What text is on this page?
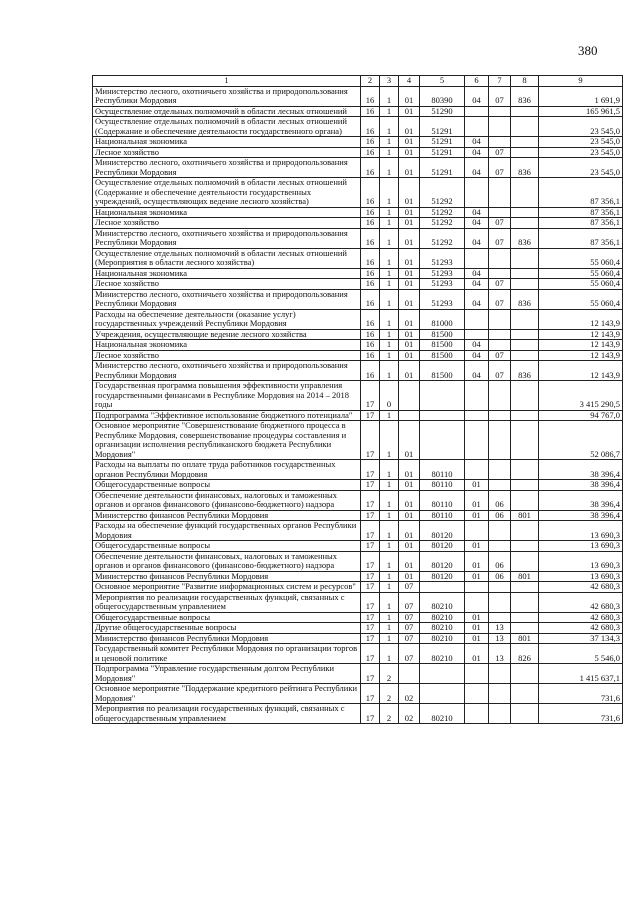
380
1	2	3	4	5	6	7	8	9
Министерство лесного, охотничьего хозяйства и природопользования Республики Мордовия	16	1	01	80390	04	07	836	1 691,9
Осуществление отдельных полномочий в области лесных отношений	16	1	01	51290				165 961,5
Осуществление отдельных полномочий в области лесных отношений (Содержание и обеспечение деятельности государственного органа)	16	1	01	51291				23 545,0
Национальная экономика	16	1	01	51291	04			23 545,0
Лесное хозяйство	16	1	01	51291	04	07		23 545,0
Министерство лесного, охотничьего хозяйства и природопользования Республики Мордовия	16	1	01	51291	04	07	836	23 545,0
Осуществление отдельных полномочий в области лесных отношений (Содержание и обеспечение деятельности государственных учреждений, осуществляющих ведение лесного хозяйства)	16	1	01	51292				87 356,1
Национальная экономика	16	1	01	51292	04			87 356,1
Лесное хозяйство	16	1	01	51292	04	07		87 356,1
Министерство лесного, охотничьего хозяйства и природопользования Республики Мордовия	16	1	01	51292	04	07	836	87 356,1
Осуществление отдельных полномочий в области лесных отношений (Мероприятия в области лесного хозяйства)	16	1	01	51293				55 060,4
Национальная экономика	16	1	01	51293	04			55 060,4
Лесное хозяйство	16	1	01	51293	04	07		55 060,4
Министерство лесного, охотничьего хозяйства и природопользования Республики Мордовия	16	1	01	51293	04	07	836	55 060,4
Расходы на обеспечение деятельности (оказание услуг) государственных учреждений Республики Мордовия	16	1	01	81000				12 143,9
Учреждения, осуществляющие ведение лесного хозяйства	16	1	01	81500				12 143,9
Национальная экономика	16	1	01	81500	04			12 143,9
Лесное хозяйство	16	1	01	81500	04	07		12 143,9
Министерство лесного, охотничьего хозяйства и природопользования Республики Мордовия	16	1	01	81500	04	07	836	12 143,9
Государственная программа повышения эффективности управления государственными финансами в Республике Мордовия на 2014 – 2018 годы	17	0						3 415 290,5
Подпрограмма "Эффективное использование бюджетного потенциала"	17	1						94 767,0
Основное мероприятие "Совершенствование бюджетного процесса в Республике Мордовия, совершенствование процедуры составления и организации исполнения республиканского бюджета Республики Мордовия"	17	1	01					52 086,7
Расходы на выплаты по оплате труда работников государственных органов Республики Мордовия	17	1	01	80110				38 396,4
Общегосударственные вопросы	17	1	01	80110	01			38 396,4
Обеспечение деятельности финансовых, налоговых и таможенных органов и органов финансового (финансово-бюджетного) надзора	17	1	01	80110	01	06		38 396,4
Министерство финансов Республики Мордовия	17	1	01	80110	01	06	801	38 396,4
Расходы на обеспечение функций государственных органов Республики Мордовия	17	1	01	80120				13 690,3
Общегосударственные вопросы	17	1	01	80120	01			13 690,3
Обеспечение деятельности финансовых, налоговых и таможенных органов и органов финансового (финансово-бюджетного) надзора	17	1	01	80120	01	06		13 690,3
Министерство финансов Республики Мордовия	17	1	01	80120	01	06	801	13 690,3
Основное мероприятие "Развитие информационных систем и ресурсов"	17	1	07					42 680,3
Мероприятия по реализации государственных функций, связанных с общегосударственным управлением	17	1	07	80210				42 680,3
Общегосударственные вопросы	17	1	07	80210	01			42 680,3
Другие общегосударственные вопросы	17	1	07	80210	01	13		42 680,3
Министерство финансов Республики Мордовия	17	1	07	80210	01	13	801	37 134,3
Государственный комитет Республики Мордовия по организации торгов и ценовой политике	17	1	07	80210	01	13	826	5 546,0
Подпрограмма "Управление государственным долгом Республики Мордовия"	17	2						1 415 637,1
Основное мероприятие "Поддержание кредитного рейтинга Республики Мордовия"	17	2	02					731,6
Мероприятия по реализации государственных функций, связанных с общегосударственным управлением	17	2	02	80210				731,6
